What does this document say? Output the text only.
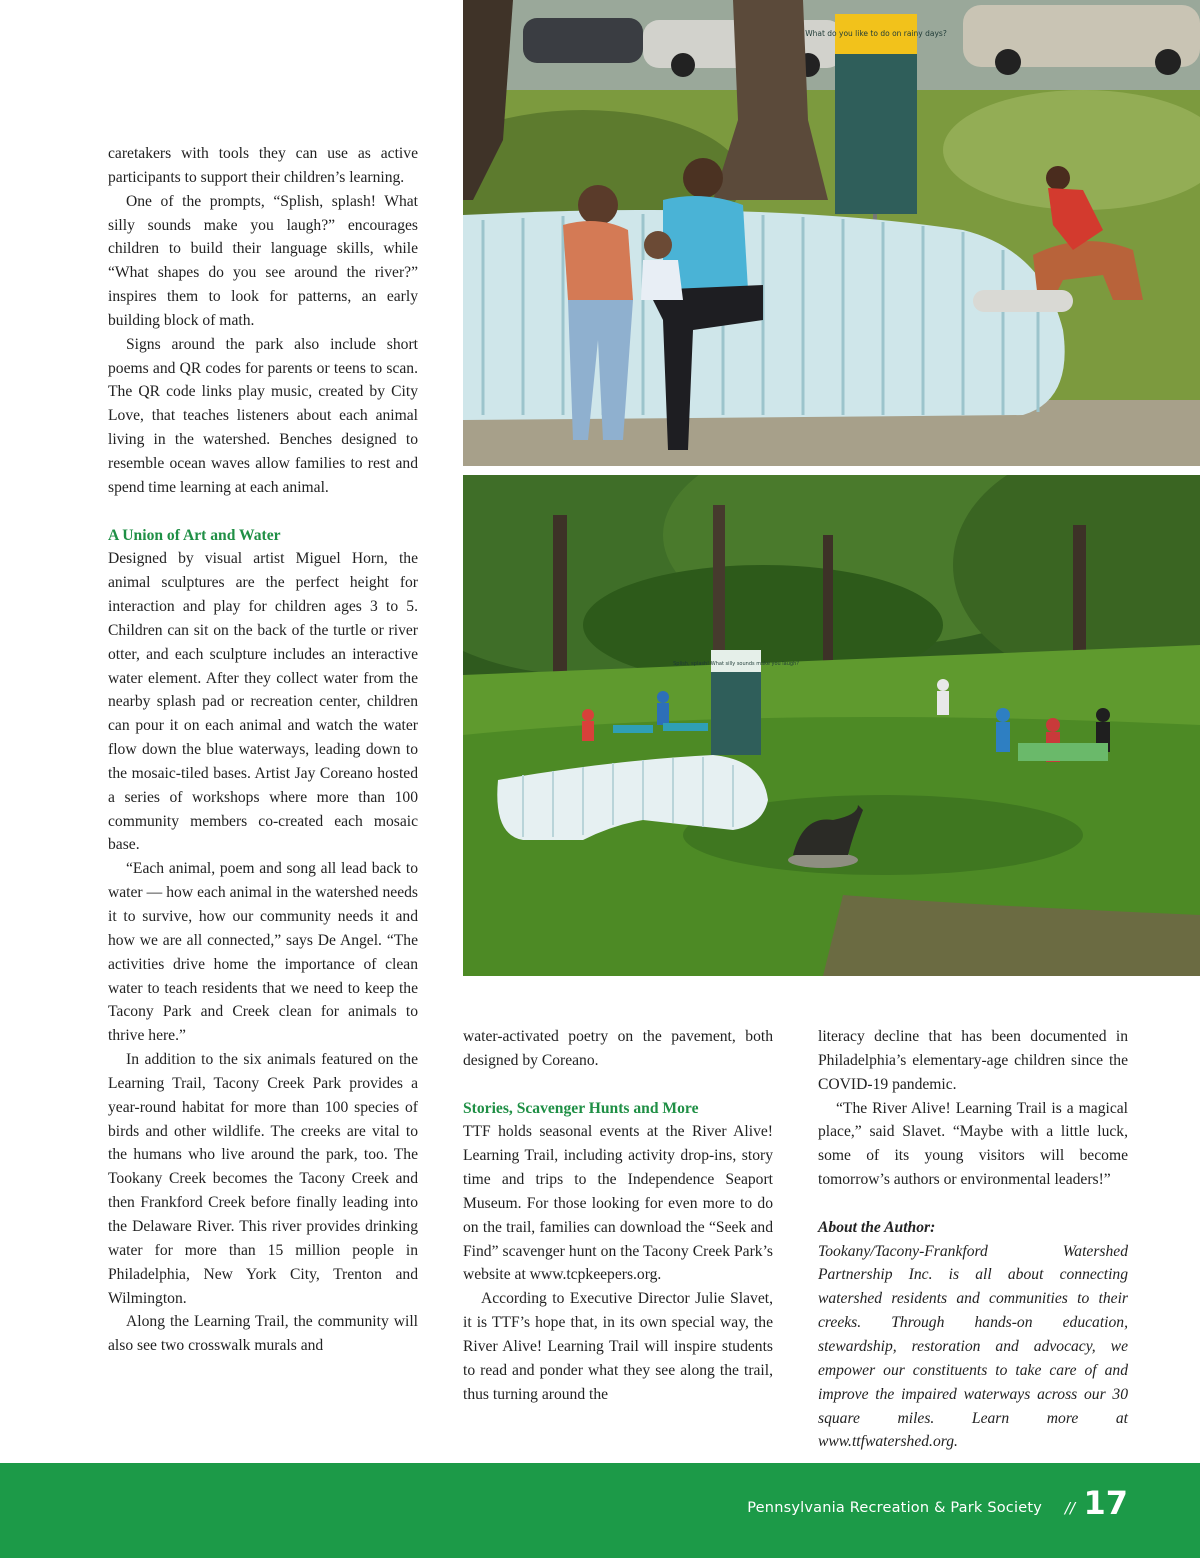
caretakers with tools they can use as active participants to support their children’s learning.

One of the prompts, “Splish, splash! What silly sounds make you laugh?” encourages children to build their language skills, while “What shapes do you see around the river?” inspires them to look for patterns, an early building block of math.

Signs around the park also include short poems and QR codes for parents or teens to scan. The QR code links play music, created by City Love, that teaches listeners about each animal living in the watershed. Benches designed to resemble ocean waves allow families to rest and spend time learning at each animal.

A Union of Art and Water

Designed by visual artist Miguel Horn, the animal sculptures are the perfect height for interaction and play for children ages 3 to 5. Children can sit on the back of the turtle or river otter, and each sculpture includes an interactive water element. After they collect water from the nearby splash pad or recreation center, children can pour it on each animal and watch the water flow down the blue waterways, leading down to the mosaic-tiled bases. Artist Jay Coreano hosted a series of workshops where more than 100 community members co-created each mosaic base.

“Each animal, poem and song all lead back to water — how each animal in the watershed needs it to survive, how our community needs it and how we are all connected,” says De Angel. “The activities drive home the importance of clean water to teach residents that we need to keep the Tacony Park and Creek clean for animals to thrive here.”

In addition to the six animals featured on the Learning Trail, Tacony Creek Park provides a year-round habitat for more than 100 species of birds and other wildlife. The creeks are vital to the humans who live around the park, too. The Tookany Creek becomes the Tacony Creek and then Frankford Creek before finally leading into the Delaware River. This river provides drinking water for more than 15 million people in Philadelphia, New York City, Trenton and Wilmington.

Along the Learning Trail, the community will also see two crosswalk murals and

What do you like to do on rainy days?
Splish, splash! What silly sounds make you laugh?

water-activated poetry on the pavement, both designed by Coreano.

Stories, Scavenger Hunts and More

TTF holds seasonal events at the River Alive! Learning Trail, including activity drop-ins, story time and trips to the Independence Seaport Museum. For those looking for even more to do on the trail, families can download the “Seek and Find” scavenger hunt on the Tacony Creek Park’s website at www.tcpkeepers.org.

According to Executive Director Julie Slavet, it is TTF’s hope that, in its own special way, the River Alive! Learning Trail will inspire students to read and ponder what they see along the trail, thus turning around the

literacy decline that has been documented in Philadelphia’s elementary-age children since the COVID-19 pandemic.

“The River Alive! Learning Trail is a magical place,” said Slavet. “Maybe with a little luck, some of its young visitors will become tomorrow’s authors or environmental leaders!”

About the Author:

Tookany/Tacony-Frankford Watershed Partnership Inc. is all about connecting watershed residents and communities to their creeks. Through hands-on education, stewardship, restoration and advocacy, we empower our constituents to take care of and improve the impaired waterways across our 30 square miles. Learn more at www.ttfwatershed.org.

Pennsylvania Recreation & Park Society // 17
